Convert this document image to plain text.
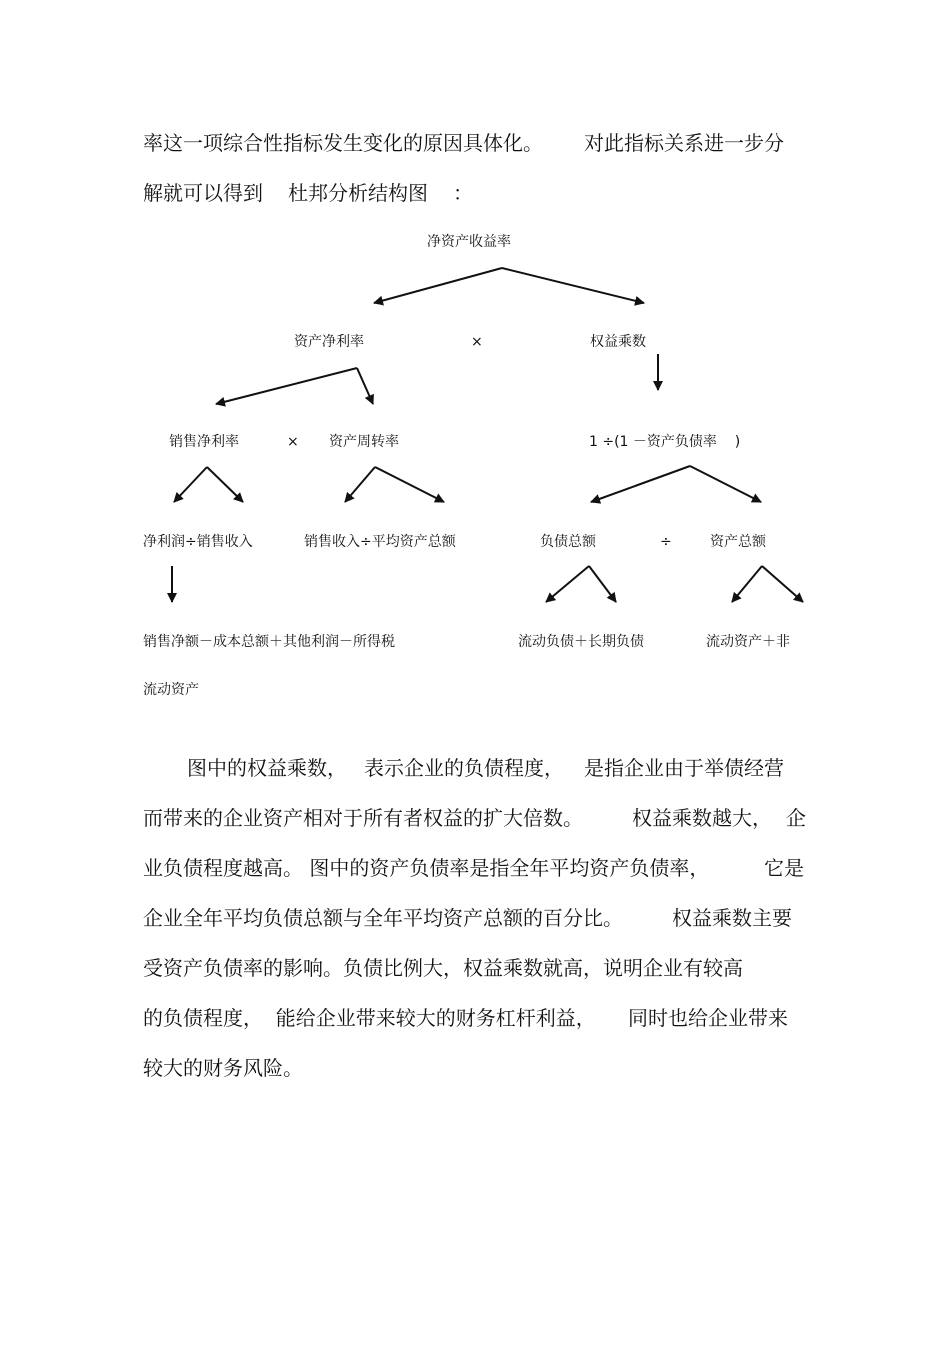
率这一项综合性指标发生变化的原因具体化。 对此指标关系进一步分
解就可以得到 杜邦分析结构图 ：
净资产收益率
资产净利率	×	权益乘数
销售净利率	× 资产周转率	1 ÷(1 －资产负债率    )
净利润÷销售收入	销售收入÷平均资产总额	负债总额	÷	资产总额
销售净额－成本总额＋其他利润－所得税	流动负债＋长期负债	流动资产＋非
流动资产
图中的权益乘数， 表示企业的负债程度， 是指企业由于举债经营
而带来的企业资产相对于所有者权益的扩大倍数。 权益乘数越大， 企
业负债程度越高。 图中的资产负债率是指全年平均资产负债率，	它是
企业全年平均负债总额与全年平均资产总额的百分比。 权益乘数主要
受资产负债率的影响。负债比例大，权益乘数就高，说明企业有较高
的负债程度，  能给企业带来较大的财务杠杆利益， 同时也给企业带来
较大的财务风险。
